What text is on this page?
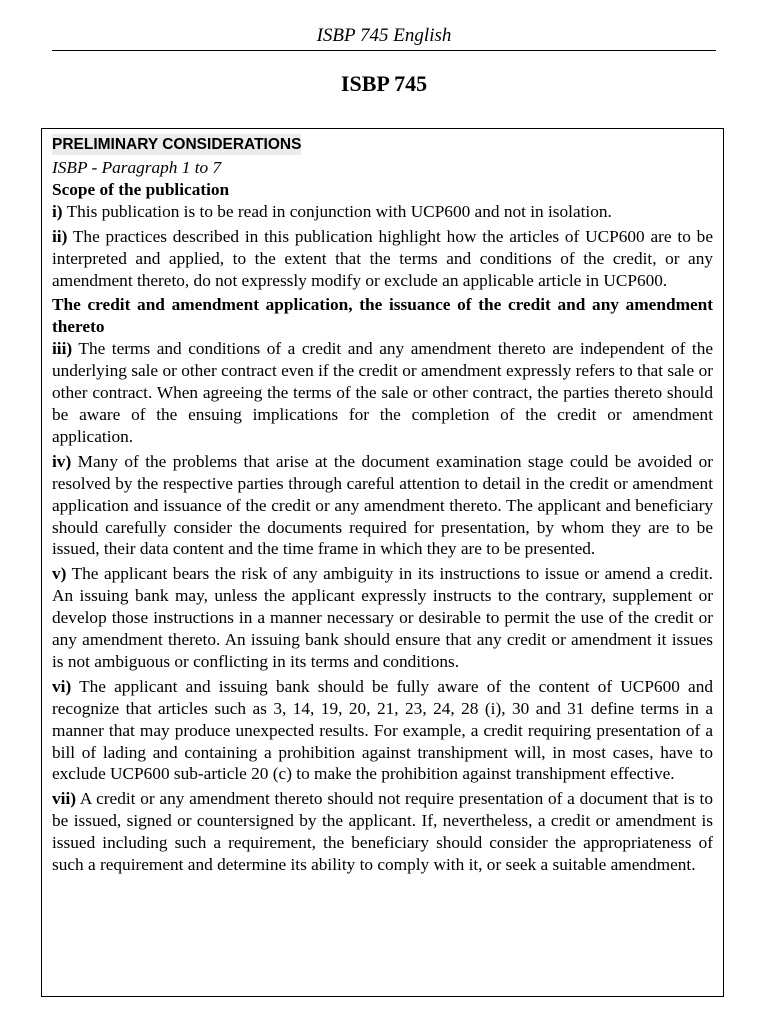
ISBP 745 English
ISBP 745
PRELIMINARY CONSIDERATIONS

ISBP - Paragraph 1 to 7

Scope of the publication

i) This publication is to be read in conjunction with UCP600 and not in isolation.

ii) The practices described in this publication highlight how the articles of UCP600 are to be interpreted and applied, to the extent that the terms and conditions of the credit, or any amendment thereto, do not expressly modify or exclude an applicable article in UCP600.

The credit and amendment application, the issuance of the credit and any amendment thereto

iii) The terms and conditions of a credit and any amendment thereto are independent of the underlying sale or other contract even if the credit or amendment expressly refers to that sale or other contract. When agreeing the terms of the sale or other contract, the parties thereto should be aware of the ensuing implications for the completion of the credit or amendment application.

iv) Many of the problems that arise at the document examination stage could be avoided or resolved by the respective parties through careful attention to detail in the credit or amendment application and issuance of the credit or any amendment thereto. The applicant and beneficiary should carefully consider the documents required for presentation, by whom they are to be issued, their data content and the time frame in which they are to be presented.

v) The applicant bears the risk of any ambiguity in its instructions to issue or amend a credit. An issuing bank may, unless the applicant expressly instructs to the contrary, supplement or develop those instructions in a manner necessary or desirable to permit the use of the credit or any amendment thereto. An issuing bank should ensure that any credit or amendment it issues is not ambiguous or conflicting in its terms and conditions.

vi) The applicant and issuing bank should be fully aware of the content of UCP600 and recognize that articles such as 3, 14, 19, 20, 21, 23, 24, 28 (i), 30 and 31 define terms in a manner that may produce unexpected results. For example, a credit requiring presentation of a bill of lading and containing a prohibition against transhipment will, in most cases, have to exclude UCP600 sub-article 20 (c) to make the prohibition against transhipment effective.

vii) A credit or any amendment thereto should not require presentation of a document that is to be issued, signed or countersigned by the applicant. If, nevertheless, a credit or amendment is issued including such a requirement, the beneficiary should consider the appropriateness of such a requirement and determine its ability to comply with it, or seek a suitable amendment.
